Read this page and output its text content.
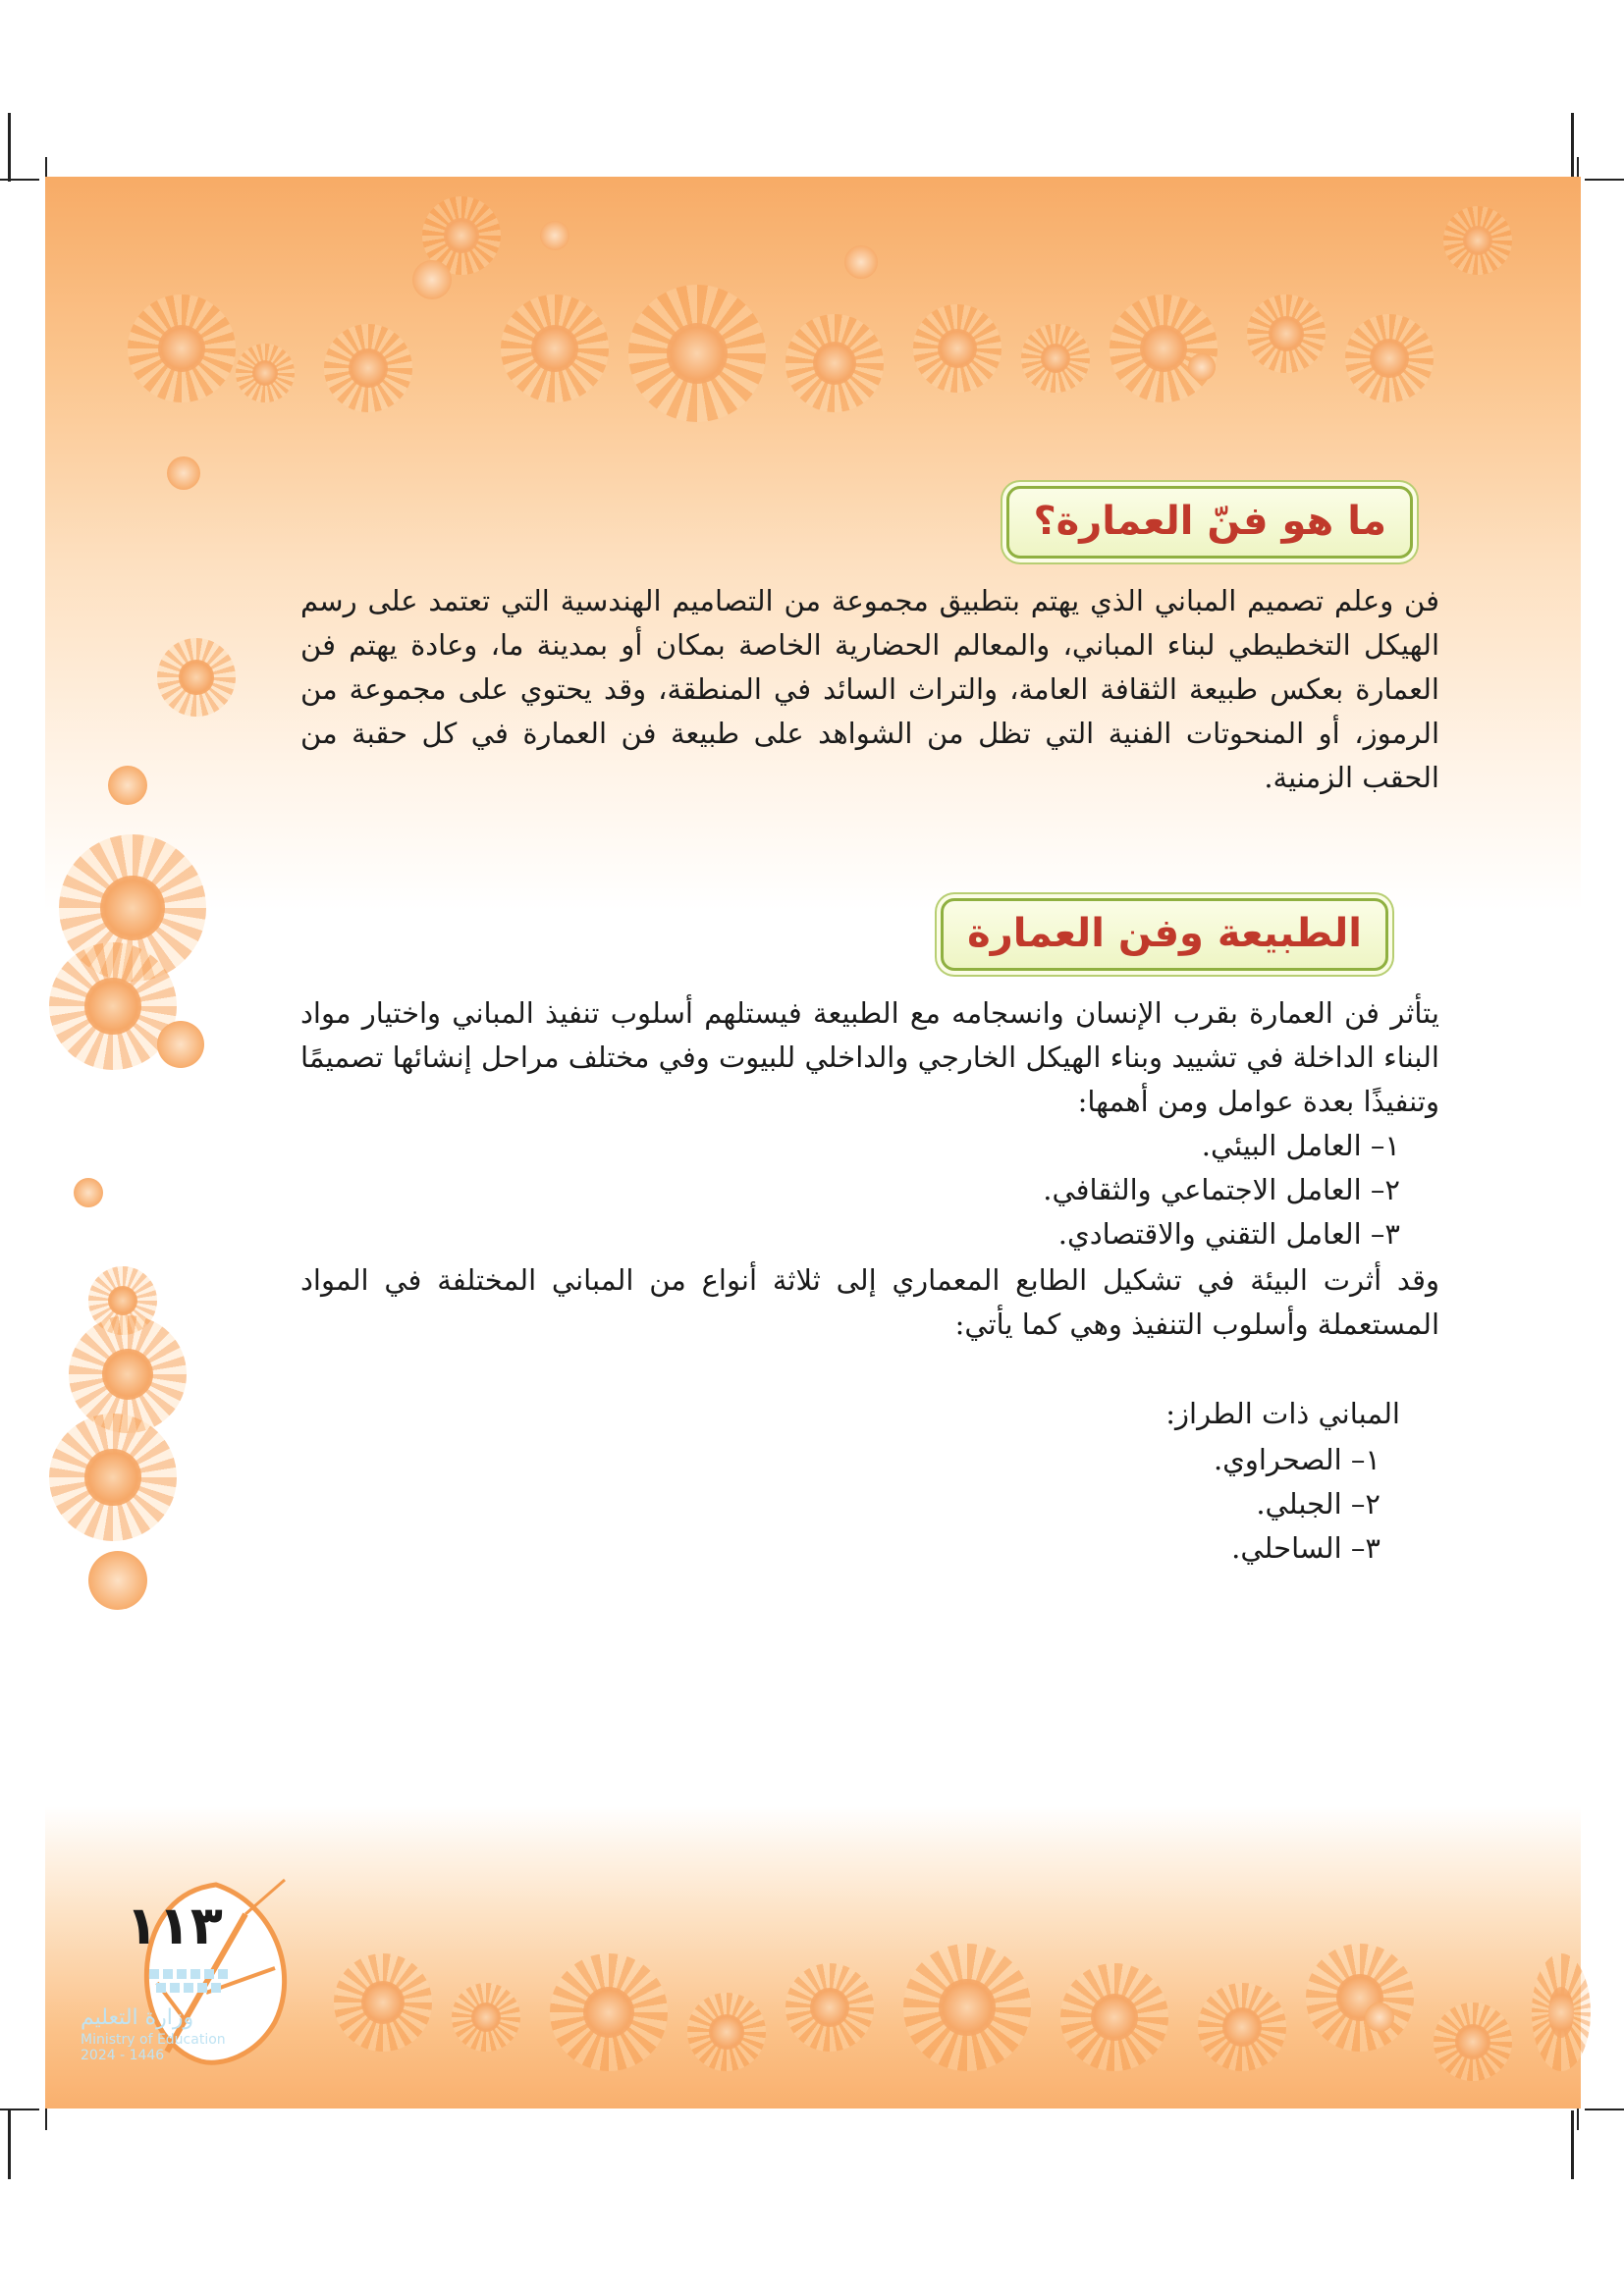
ما هو فنّ العمارة؟
فن وعلم تصميم المباني الذي يهتم بتطبيق مجموعة من التصاميم الهندسية التي تعتمد على رسم الهيكل التخطيطي لبناء المباني، والمعالم الحضارية الخاصة بمكان أو بمدينة ما، وعادة يهتم فن العمارة بعكس طبيعة الثقافة العامة، والتراث السائد في المنطقة، وقد يحتوي على مجموعة من الرموز، أو المنحوتات الفنية التي تظل من الشواهد على طبيعة فن العمارة في كل حقبة من الحقب الزمنية.
الطبيعة وفن العمارة
يتأثر فن العمارة بقرب الإنسان وانسجامه مع الطبيعة فيستلهم أسلوب تنفيذ المباني واختيار مواد البناء الداخلة في تشييد وبناء الهيكل الخارجي والداخلي للبيوت وفي مختلف مراحل إنشائها تصميمًا وتنفيذًا بعدة عوامل ومن أهمها:
١– العامل البيئي.
٢– العامل الاجتماعي والثقافي.
٣– العامل التقني والاقتصادي.
وقد أثرت البيئة في تشكيل الطابع المعماري إلى ثلاثة أنواع من المباني المختلفة في المواد المستعملة وأسلوب التنفيذ وهي كما يأتي:
المباني ذات الطراز:
١– الصحراوي.
٢– الجبلي.
٣– الساحلي.
١١٣
وزارة التعليم
Ministry of Education
2024 - 1446
